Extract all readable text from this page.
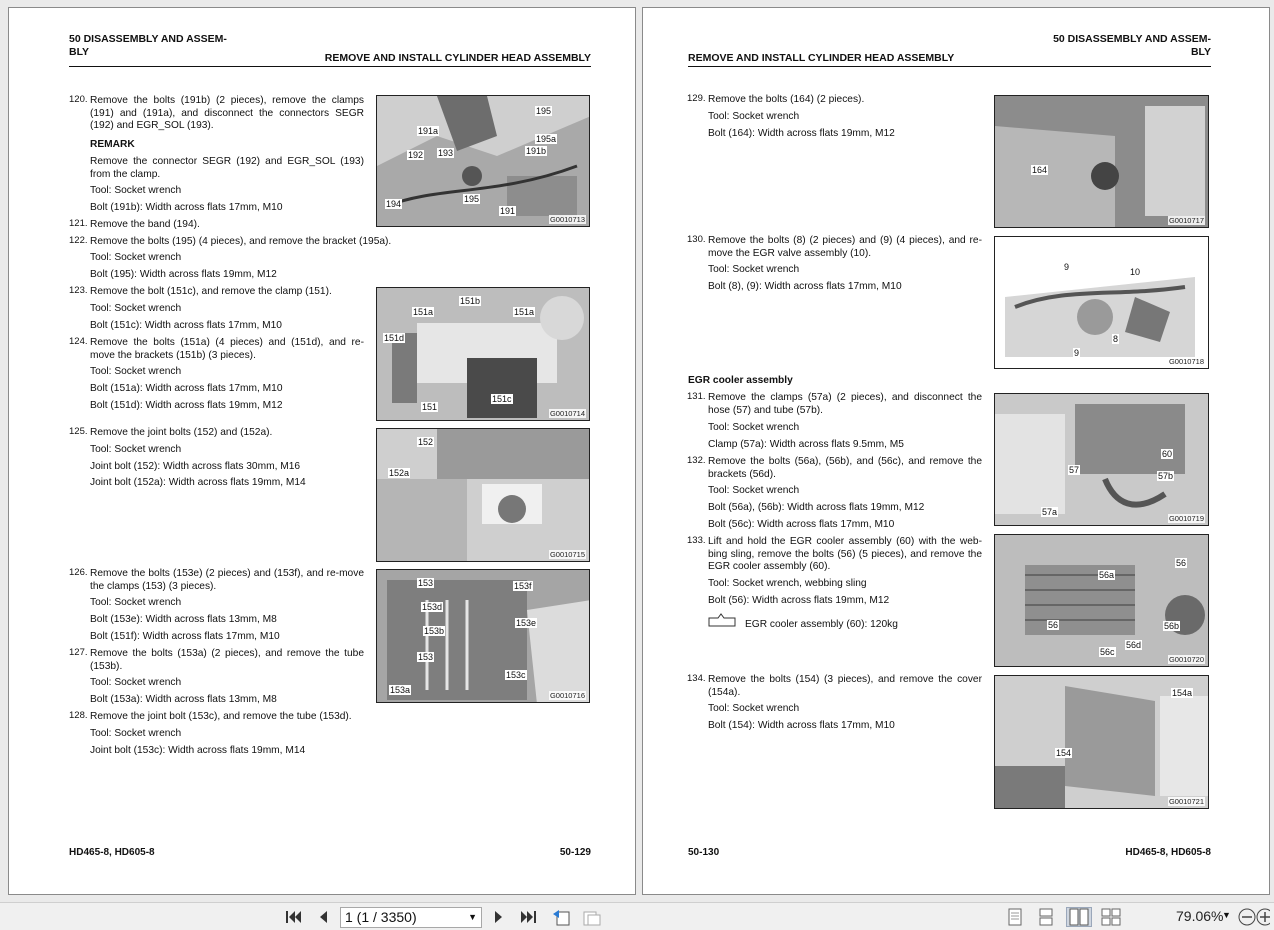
50 DISASSEMBLY AND ASSEM-
BLY	REMOVE AND INSTALL CYLINDER HEAD ASSEMBLY
120. Remove the bolts (191b) (2 pieces), remove the clamps (191) and (191a), and disconnect the connectors SEGR (192) and EGR_SOL (193).
REMARK
Remove the connector SEGR (192) and EGR_SOL (193) from the clamp.
Tool: Socket wrench
Bolt (191b): Width across flats 17mm, M10
121. Remove the band (194).
122. Remove the bolts (195) (4 pieces), and remove the bracket (195a).
Tool: Socket wrench
Bolt (195): Width across flats 19mm, M12
123. Remove the bolt (151c), and remove the clamp (151).
Tool: Socket wrench
Bolt (151c): Width across flats 17mm, M10
124. Remove the bolts (151a) (4 pieces) and (151d), and re-move the brackets (151b) (3 pieces).
Tool: Socket wrench
Bolt (151a): Width across flats 17mm, M10
Bolt (151d): Width across flats 19mm, M12
125. Remove the joint bolts (152) and (152a).
Tool: Socket wrench
Joint bolt (152): Width across flats 30mm, M16
Joint bolt (152a): Width across flats 19mm, M14
126. Remove the bolts (153e) (2 pieces) and (153f), and re-move the clamps (153) (3 pieces).
Tool: Socket wrench
Bolt (153e): Width across flats 13mm, M8
Bolt (151f): Width across flats 17mm, M10
127. Remove the bolts (153a) (2 pieces), and remove the tube (153b).
Tool: Socket wrench
Bolt (153a): Width across flats 13mm, M8
128. Remove the joint bolt (153c), and remove the tube (153d).
Tool: Socket wrench
Joint bolt (153c): Width across flats 19mm, M14
195
191a
195a
192 193	191b
194	195
191
G0010713
151b
151a	151a
151d
151
151c
G0010714
152
152a
G0010715
153	153f
153d
153e
153b
153
153c
153a
G0010716
HD465-8, HD605-8	50-129
50 DISASSEMBLY AND ASSEM-
BLY
REMOVE AND INSTALL CYLINDER HEAD ASSEMBLY
129. Remove the bolts (164) (2 pieces).
Tool: Socket wrench
Bolt (164): Width across flats 19mm, M12
130. Remove the bolts (8) (2 pieces) and (9) (4 pieces), and re-move the EGR valve assembly (10).
Tool: Socket wrench
Bolt (8), (9): Width across flats 17mm, M10
EGR cooler assembly
131. Remove the clamps (57a) (2 pieces), and disconnect the hose (57) and tube (57b).
Tool: Socket wrench
Clamp (57a): Width across flats 9.5mm, M5
132. Remove the bolts (56a), (56b), and (56c), and remove the brackets (56d).
Tool: Socket wrench
Bolt (56a), (56b): Width across flats 19mm, M12
Bolt (56c): Width across flats 17mm, M10
133. Lift and hold the EGR cooler assembly (60) with the web-bing sling, remove the bolts (56) (5 pieces), and remove the EGR cooler assembly (60).
Tool: Socket wrench, webbing sling
Bolt (56): Width across flats 19mm, M12
EGR cooler assembly (60): 120kg
134. Remove the bolts (154) (3 pieces), and remove the cover (154a).
Tool: Socket wrench
Bolt (154): Width across flats 17mm, M10
164
G0010717
9	10
8
9
G0010718
60
57
57b
57a
G0010719
56a
56
56	56b
56c
56d
G0010720
154a
154
G0010721
50-130	HD465-8, HD605-8
1 (1 / 3350)	▼	79.06%
▼
